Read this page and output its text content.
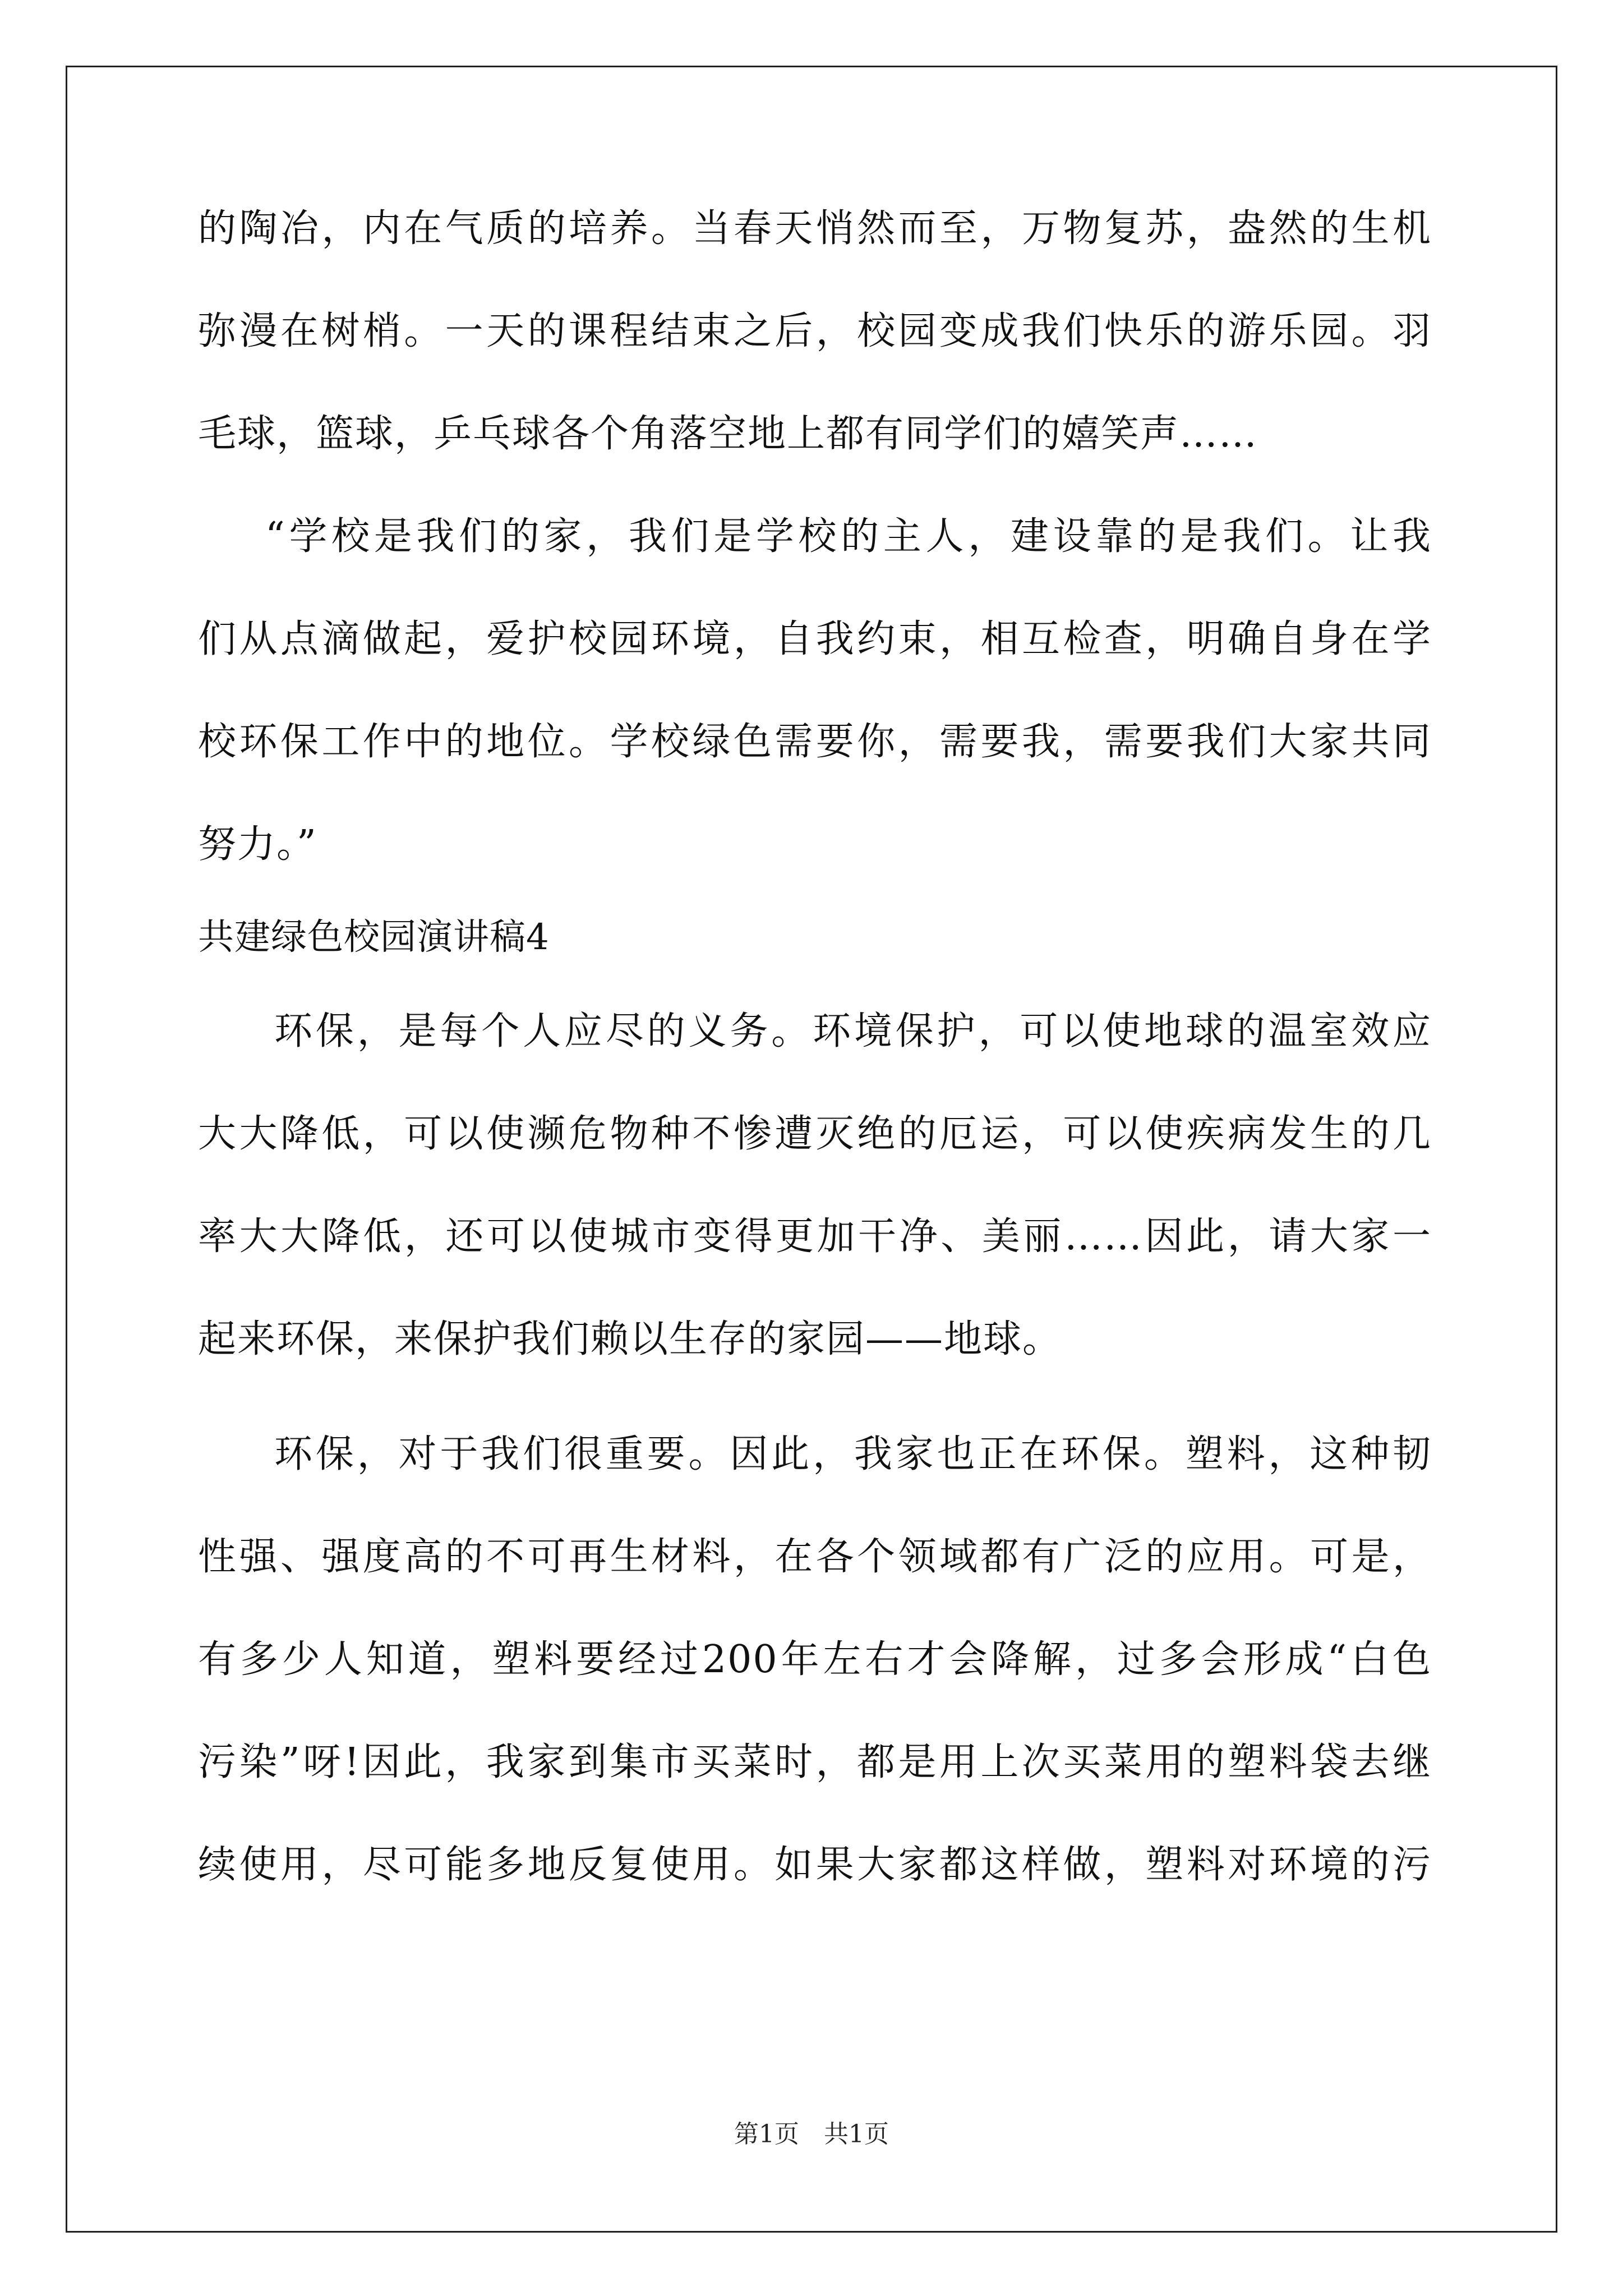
的陶冶，内在气质的培养。当春天悄然而至，万物复苏，盎然的生机
弥漫在树梢。一天的课程结束之后，校园变成我们快乐的游乐园。羽
毛球，篮球，乒乓球各个角落空地上都有同学们的嬉笑声……
“学校是我们的家，我们是学校的主人，建设靠的是我们。让我
们从点滴做起，爱护校园环境，自我约束，相互检查，明确自身在学
校环保工作中的地位。学校绿色需要你，需要我，需要我们大家共同
努力。”
共建绿色校园演讲稿4
环保，是每个人应尽的义务。环境保护，可以使地球的温室效应
大大降低，可以使濒危物种不惨遭灭绝的厄运，可以使疾病发生的几
率大大降低，还可以使城市变得更加干净、美丽……因此，请大家一
起来环保，来保护我们赖以生存的家园——地球。
环保，对于我们很重要。因此，我家也正在环保。塑料，这种韧
性强、强度高的不可再生材料，在各个领域都有广泛的应用。可是，
有多少人知道，塑料要经过200年左右才会降解，过多会形成“白色
污染”呀!因此，我家到集市买菜时，都是用上次买菜用的塑料袋去继
续使用，尽可能多地反复使用。如果大家都这样做，塑料对环境的污
第1页　共1页
